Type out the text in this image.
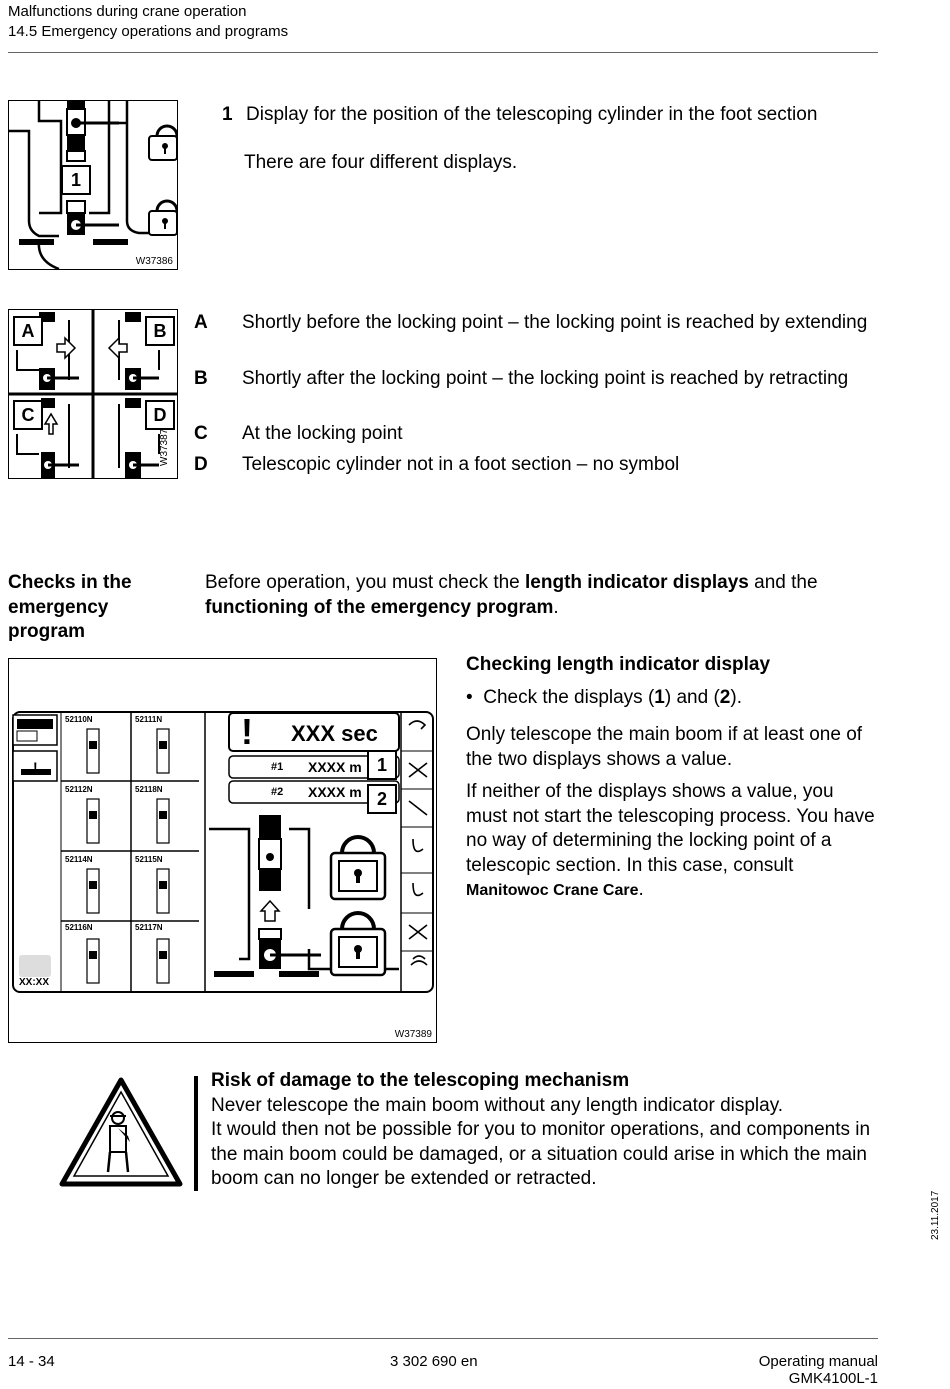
Malfunctions during crane operation
14.5 Emergency operations and programs
1
W37386
1 Display for the position of the telescoping cylinder in the foot section
There are four different displays.
A	B
C	D
W37387
A Shortly before the locking point – the locking point is reached by extending
B Shortly after the locking point – the locking point is reached by retracting
C At the locking point
D Telescopic cylinder not in a foot section – no symbol
Checks in the emergency program
Before operation, you must check the length indicator displays and the functioning of the emergency program.
! XXX sec
#1 XXXX m 1
#2 XXXX m 2
!
52110N	52111N
52112N	52118N
52114N	52115N
52116N	52117N
XX:XX
W37389
Checking length indicator display
•  Check the displays (1) and (2).
Only telescope the main boom if at least one of the two displays shows a value.
If neither of the displays shows a value, you must not start the telescoping process. You have no way of determining the locking point of a telescopic section. In this case, consult Manitowoc Crane Care.
Risk of damage to the telescoping mechanism
Never telescope the main boom without any length indicator display.
It would then not be possible for you to monitor operations, and components in the main boom could be damaged, or a situation could arise in which the main boom can no longer be extended or retracted.
23.11.2017
14 - 34	3 302 690 en	Operating manual
GMK4100L-1
